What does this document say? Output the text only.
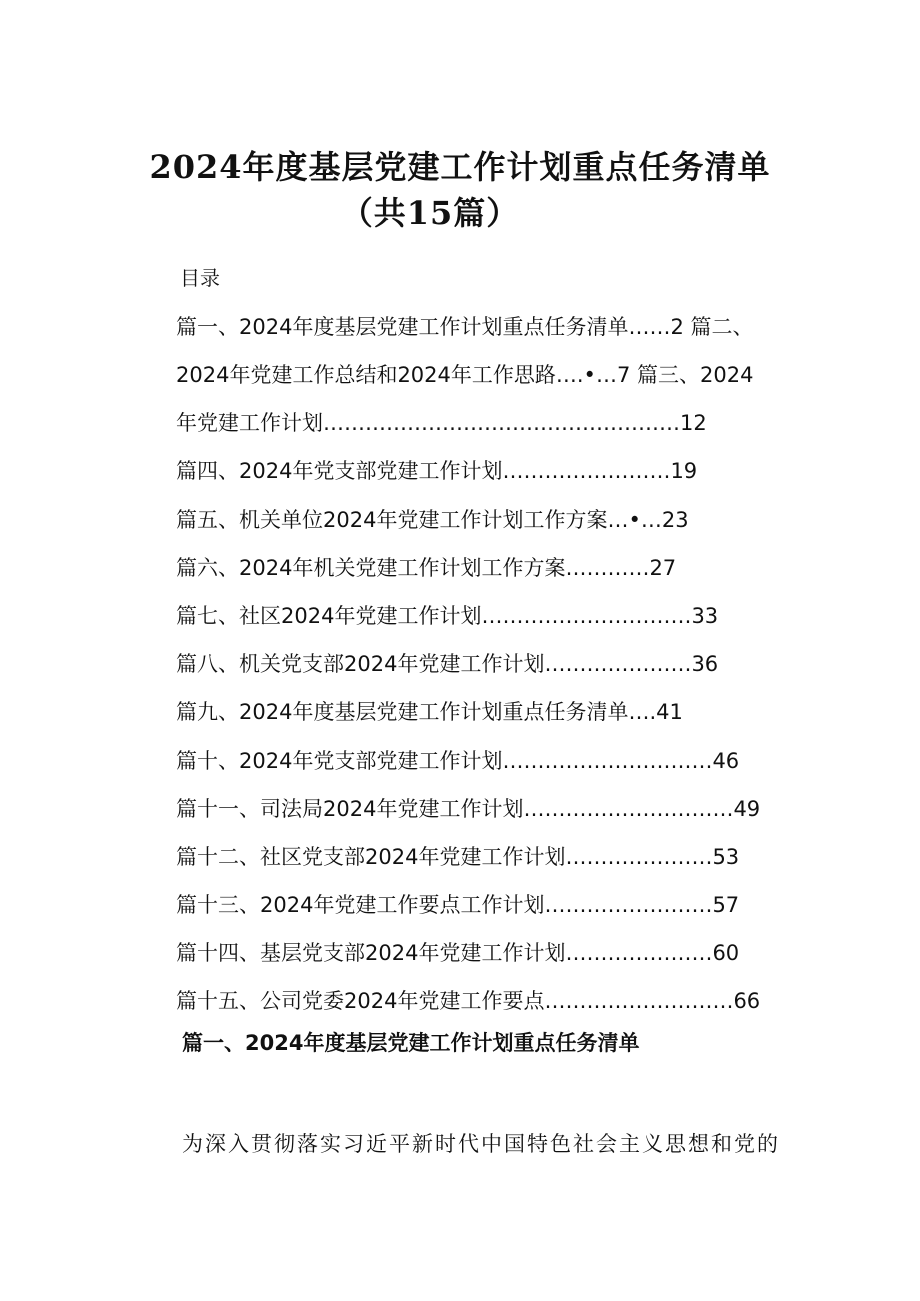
2024年度基层党建工作计划重点任务清单
（共15篇）
目录
篇一、2024年度基层党建工作计划重点任务清单……2 篇二、
2024年党建工作总结和2024年工作思路….•…7 篇三、2024
年党建工作计划……………………………………………12
篇四、2024年党支部党建工作计划……………………19
篇五、机关单位2024年党建工作计划工作方案…•…23
篇六、2024年机关党建工作计划工作方案…………27
篇七、社区2024年党建工作计划…………………………33
篇八、机关党支部2024年党建工作计划…………………36
篇九、2024年度基层党建工作计划重点任务清单….41
篇十、2024年党支部党建工作计划…………………………46
篇十一、司法局2024年党建工作计划…………………………49
篇十二、社区党支部2024年党建工作计划…………………53
篇十三、2024年党建工作要点工作计划……………………57
篇十四、基层党支部2024年党建工作计划…………………60
篇十五、公司党委2024年党建工作要点………………………66
篇一、2024年度基层党建工作计划重点任务清单
为深入贯彻落实习近平新时代中国特色社会主义思想和党的
